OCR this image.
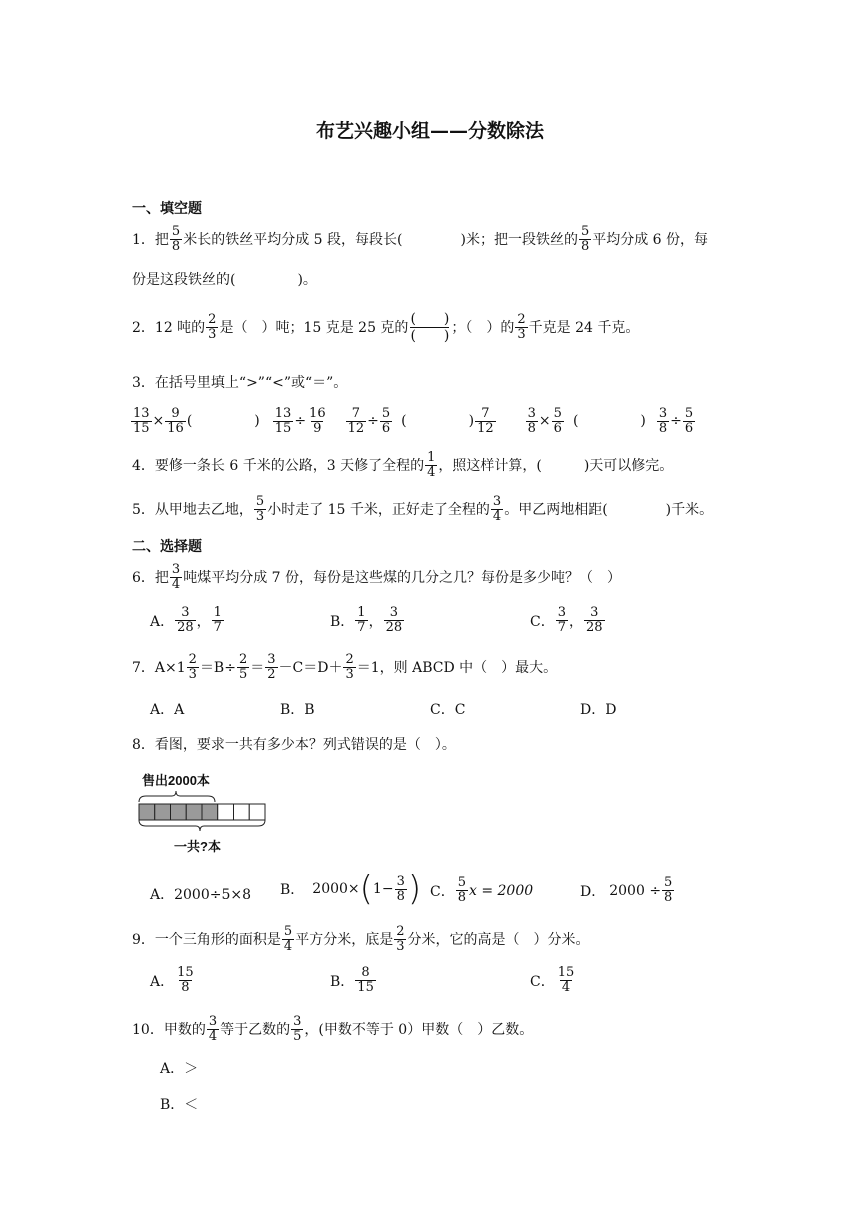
布艺兴趣小组——分数除法
一、填空题
1．把
5
8 米长的铁丝平均分成 5 段，每段长(	)米；把一段铁丝的
5
8 平均分成 6 份，每
份是这段铁丝的(	)。
2．12 吨的
2
3 是（　）吨；15 克是 25 克的
(　　)
(　　) ；（　）的
2
3 千克是 24 千克。
3．在括号里填上“>”“<”或“＝”。
$\frac{13}{15} \times \frac{9}{16}$ (	) $\frac{13}{15} \div \frac{16}{9} \frac{7}{12} \div \frac{5}{6}$ (	) 7
$12 \frac{3}{8} \times \frac{5}{6}$ (	) $\frac{3}{8} \div \frac{5}{6}$
4．要修一条长 6 千米的公路，3 天修了全程的
1
4 ，照这样计算，(	)天可以修完。
5．从甲地去乙地，
5
3 小时走了 15 千米，正好走了全程的
3
4 。甲乙两地相距(	)千米。
二、选择题
6．把
3
4 吨煤平均分成 7 份，每份是这些煤的几分之几？每份是多少吨？（　）
A．
3
28 ，
1
7	B．
1
7 ，
3
28	C．
3
7 ，
3
28
7．A×1
2
$3 =B\div \frac{2}{5}$ ＝
3
2 －C＝D＋
2
3 ＝1，则 ABCD 中（　）最大。
A．A	B．B	C．C	D．D
8．看图，要求一共有多少本？列式错误的是（　）。
售出2000本
一共?本
A．2000÷5×8 B． 2000× ( $1- \frac{3}{8}$ ) C．
5
8 x = 2000	D． $2000 \div \frac{5}{8}$
9．一个三角形的面积是
5
4 平方分米，底是
2
3 分米，它的高是（　）分米。
A．
15
8	B．
8
15	C．
15
4
10．甲数的
3
4 等于乙数的
3
5 ，(甲数不等于 0）甲数（　）乙数。
A．＞
B．＜
